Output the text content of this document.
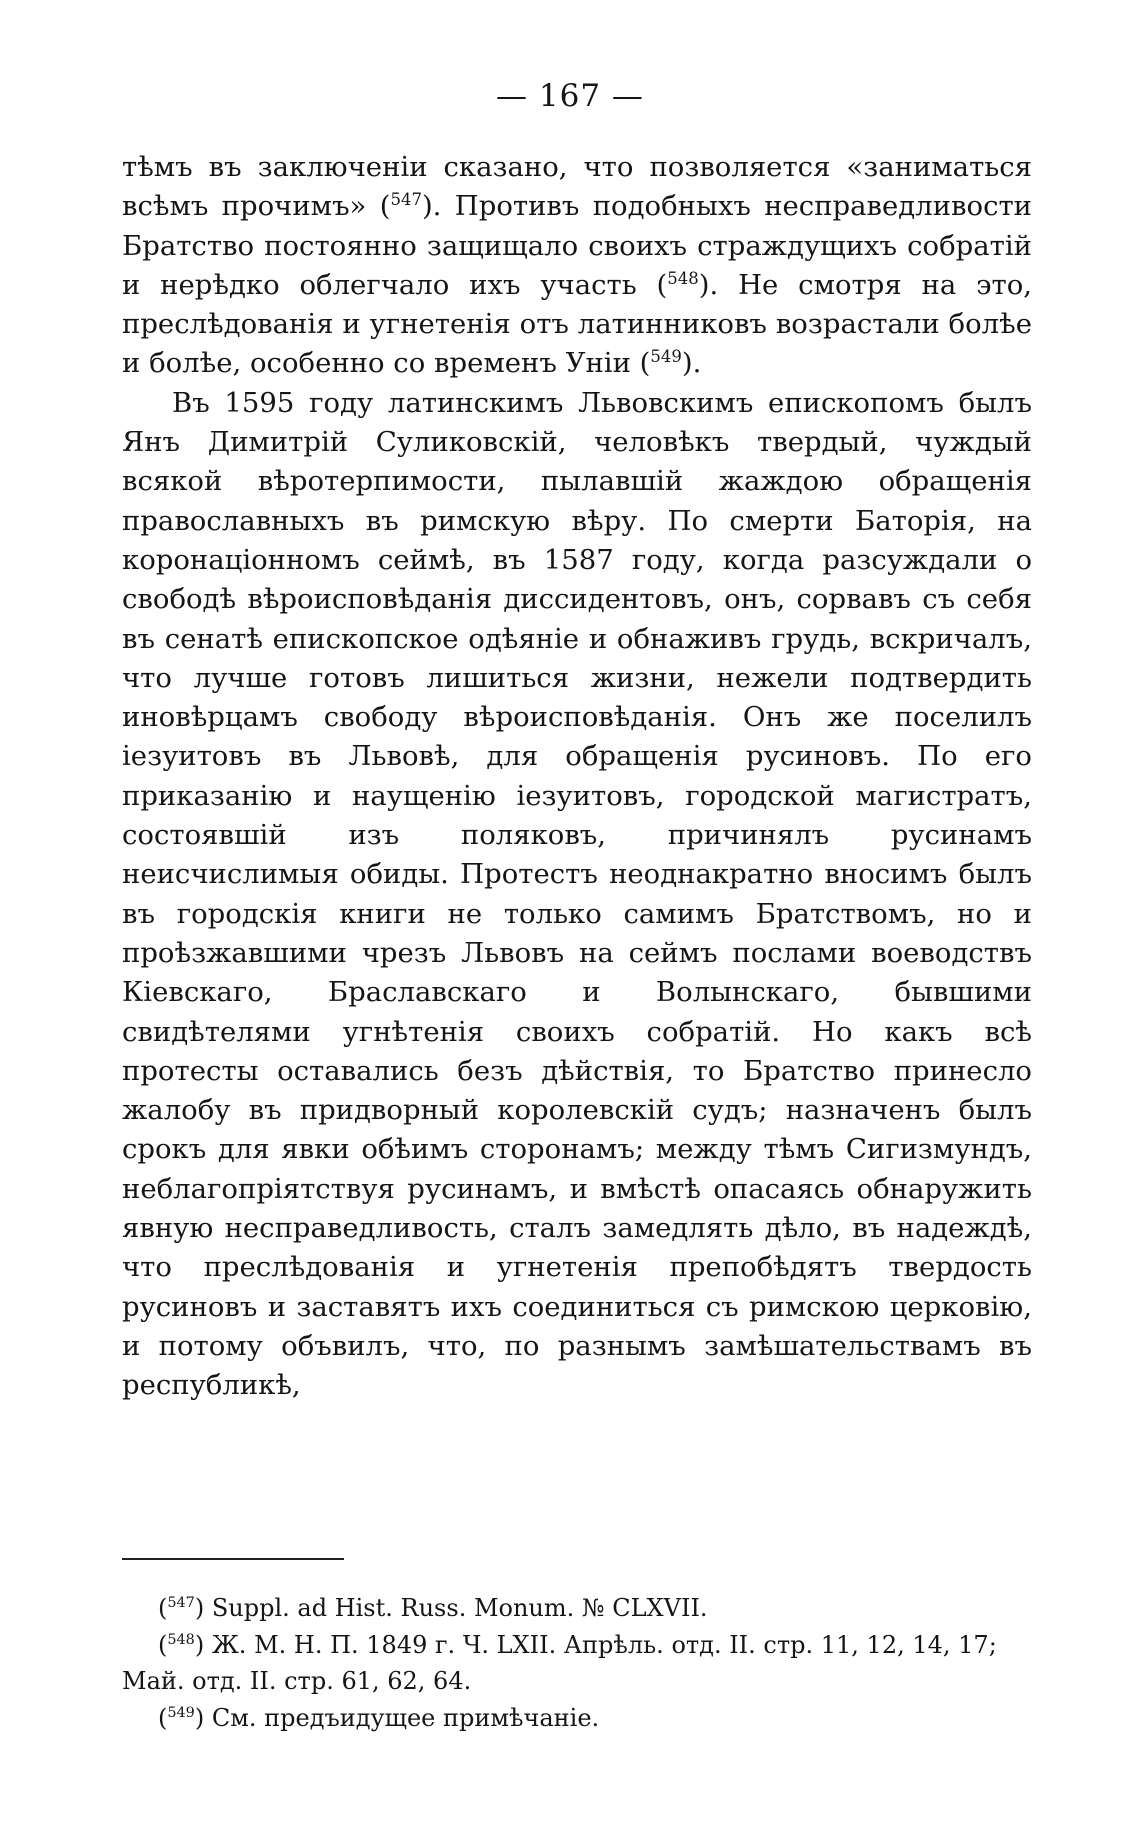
— 167 —

тѣмъ въ заключеніи сказано, что позволяется «заниматься всѣмъ прочимъ» ($^{547}$). Противъ подобныхъ несправедливости Братство постоянно защищало своихъ страждущихъ собратій и нерѣдко облегчало ихъ участь ($^{548}$). Не смотря на это, преслѣдованія и угнетенія отъ латинниковъ возрастали болѣе и болѣе, особенно со временъ Уніи ($^{549}$).

Въ 1595 году латинскимъ Львовскимъ епископомъ былъ Янъ Димитрій Суликовскій, человѣкъ твердый, чуждый всякой вѣротерпимости, пылавшій жаждою обращенія православныхъ въ римскую вѣру. По смерти Баторія, на коронаціонномъ сеймѣ, въ 1587 году, когда разсуждали о свободѣ вѣроисповѣданія диссидентовъ, онъ, сорвавъ съ себя въ сенатѣ епископское одѣяніе и обнаживъ грудь, вскричалъ, что лучше готовъ лишиться жизни, нежели подтвердить иновѣрцамъ свободу вѣроисповѣданія. Онъ же поселилъ іезуитовъ въ Львовѣ, для обращенія русиновъ. По его приказанію и наущенію іезуитовъ, городской магистратъ, состоявшій изъ поляковъ, причинялъ русинамъ неисчислимыя обиды. Протестъ неоднакратно вносимъ былъ въ городскія книги не только самимъ Братствомъ, но и проѣзжавшими чрезъ Львовъ на сеймъ послами воеводствъ Кіевскаго, Браславскаго и Волынскаго, бывшими свидѣтелями угнѣтенія своихъ собратій. Но какъ всѣ протесты оставались безъ дѣйствія, то Братство принесло жалобу въ придворный королевскій судъ; назначенъ былъ срокъ для явки обѣимъ сторонамъ; между тѣмъ Сигизмундъ, неблагопріятствуя русинамъ, и вмѣстѣ опасаясь обнаружить явную несправедливость, сталъ замедлять дѣло, въ надеждѣ, что преслѣдованія и угнетенія препобѣдятъ твердость русиновъ и заставятъ ихъ соединиться съ римскою церковію, и потому объвилъ, что, по разнымъ замѣшательствамъ въ республикѣ,

($^{547}$) Suppl. ad Hist. Russ. Monum. № CLXVII.

($^{548}$) Ж. М. Н. П. 1849 г. Ч. LXII. Апрѣль. отд. II. стр. 11, 12, 14, 17; Май. отд. II. стр. 61, 62, 64.

($^{549}$) См. предъидущее примѣчаніе.
